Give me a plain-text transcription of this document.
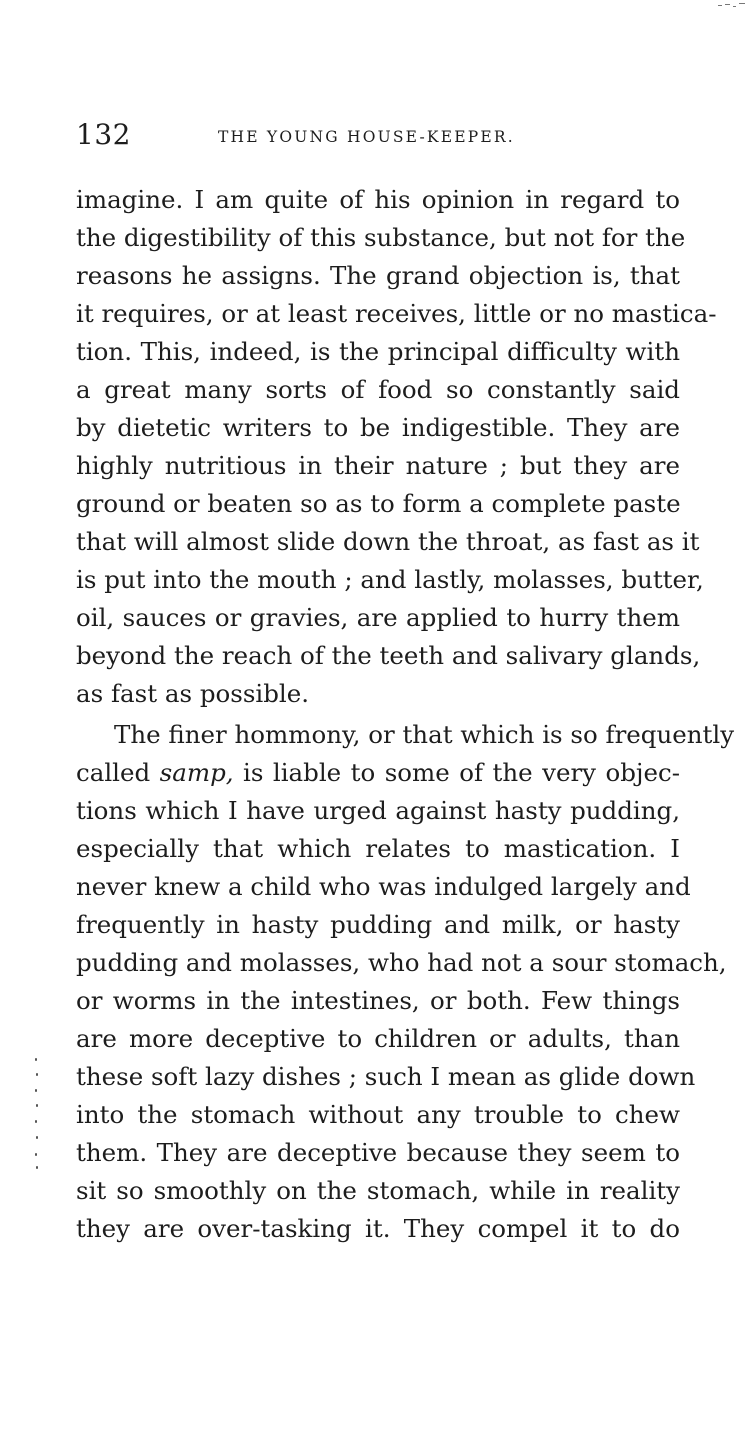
132	THE YOUNG HOUSE-KEEPER.

imagine. I am quite of his opinion in regard to
the digestibility of this substance, but not for the
reasons he assigns. The grand objection is, that
it requires, or at least receives, little or no mastica-
tion. This, indeed, is the principal difficulty with
a great many sorts of food so constantly said
by dietetic writers to be indigestible. They are
highly nutritious in their nature ; but they are
ground or beaten so as to form a complete paste
that will almost slide down the throat, as fast as it
is put into the mouth ; and lastly, molasses, butter,
oil, sauces or gravies, are applied to hurry them
beyond the reach of the teeth and salivary glands,
as fast as possible.

The finer hommony, or that which is so frequently
called samp, is liable to some of the very objec-
tions which I have urged against hasty pudding,
especially that which relates to mastication. I
never knew a child who was indulged largely and
frequently in hasty pudding and milk, or hasty
pudding and molasses, who had not a sour stomach,
or worms in the intestines, or both. Few things
are more deceptive to children or adults, than
these soft lazy dishes ; such I mean as glide down
into the stomach without any trouble to chew
them. They are deceptive because they seem to
sit so smoothly on the stomach, while in reality
they are over-tasking it. They compel it to do
